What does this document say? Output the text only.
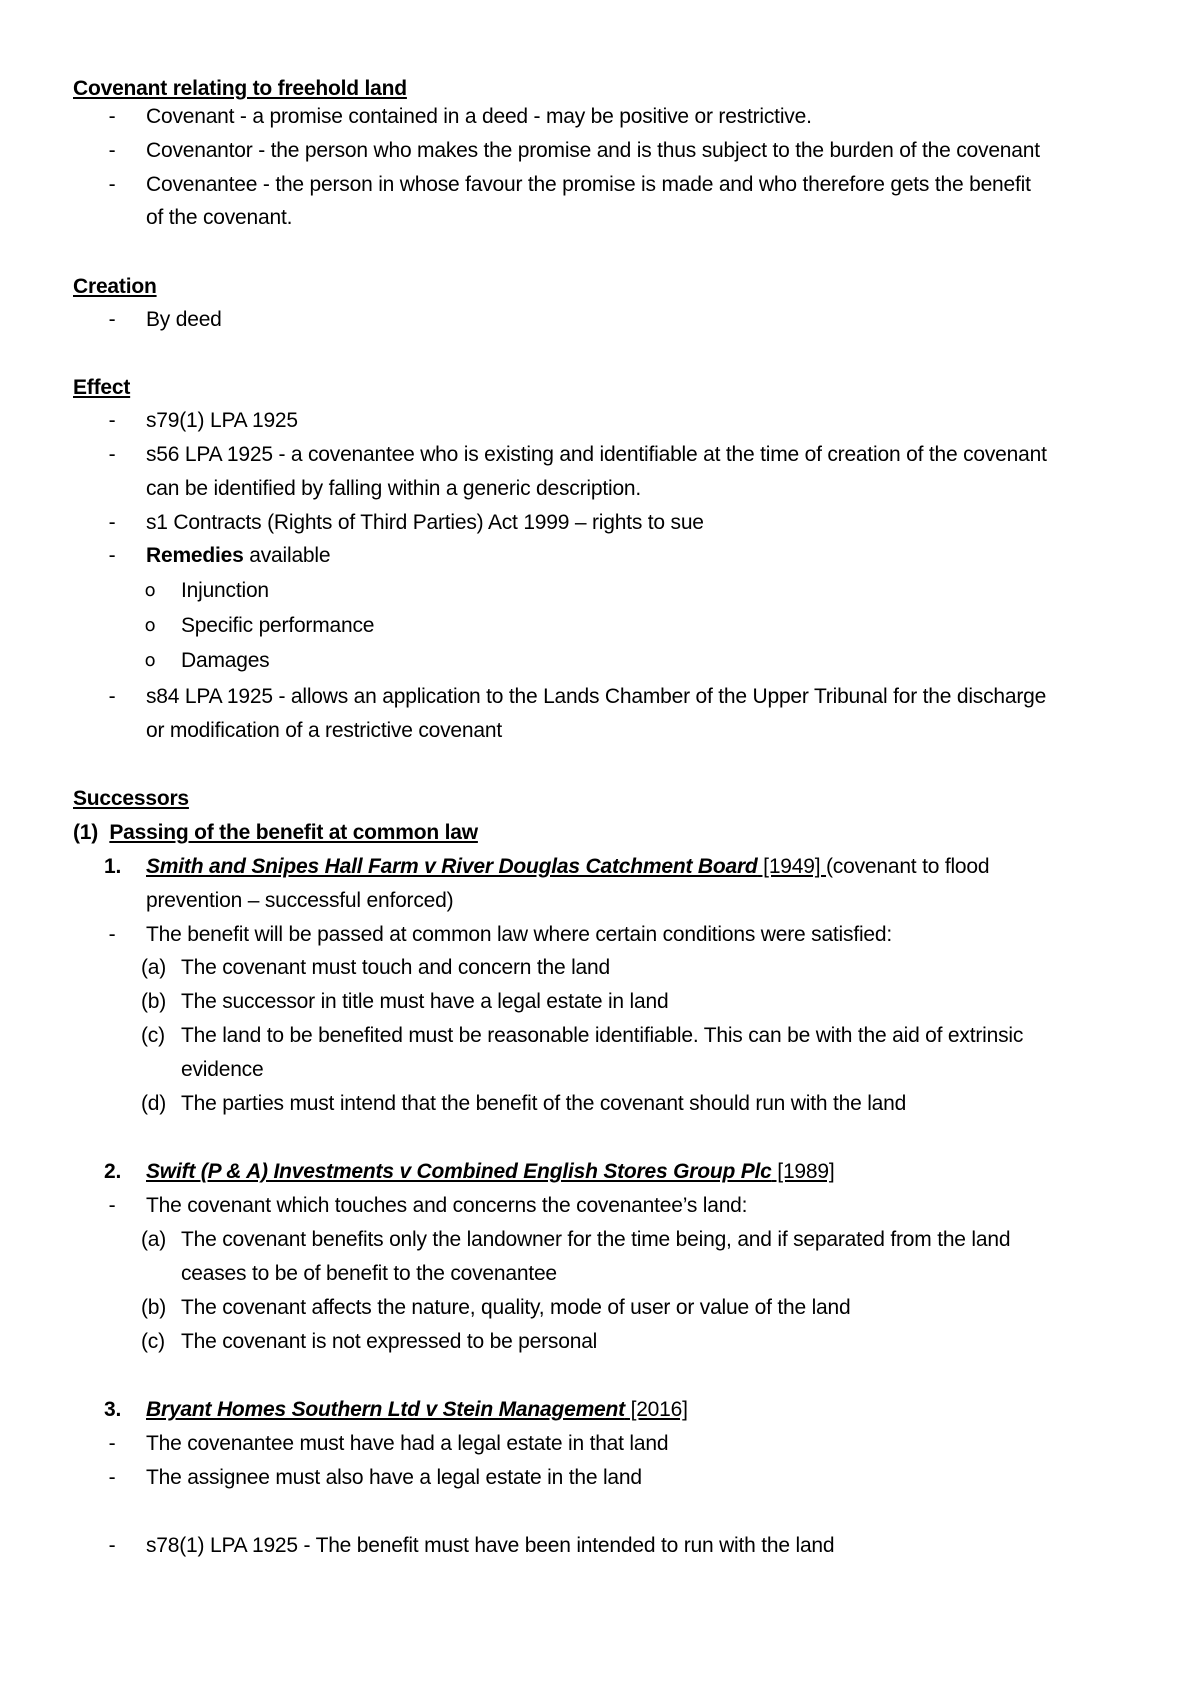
Covenant relating to freehold land
-	Covenant - a promise contained in a deed - may be positive or restrictive.
-	Covenantor - the person who makes the promise and is thus subject to the burden of the covenant
-	Covenantee - the person in whose favour the promise is made and who therefore gets the benefit
of the covenant.
Creation
-	By deed
Effect
-	s79(1) LPA 1925
-	s56 LPA 1925 - a covenantee who is existing and identifiable at the time of creation of the covenant
can be identified by falling within a generic description.
-	s1 Contracts (Rights of Third Parties) Act 1999 – rights to sue
-	Remedies available
o Injunction
o Specific performance
o Damages
-	s84 LPA 1925 - allows an application to the Lands Chamber of the Upper Tribunal for the discharge
or modification of a restrictive covenant
Successors
(1) Passing of the benefit at common law
1. Smith and Snipes Hall Farm v River Douglas Catchment Board [1949] (covenant to flood
prevention – successful enforced)
-	The benefit will be passed at common law where certain conditions were satisfied:
(a) The covenant must touch and concern the land
(b) The successor in title must have a legal estate in land
(c) The land to be benefited must be reasonable identifiable. This can be with the aid of extrinsic
evidence
(d) The parties must intend that the benefit of the covenant should run with the land
2. Swift (P & A) Investments v Combined English Stores Group Plc [1989]
-	The covenant which touches and concerns the covenantee’s land:
(a) The covenant benefits only the landowner for the time being, and if separated from the land
ceases to be of benefit to the covenantee
(b) The covenant affects the nature, quality, mode of user or value of the land
(c) The covenant is not expressed to be personal
3. Bryant Homes Southern Ltd v Stein Management [2016]
-	The covenantee must have had a legal estate in that land
-	The assignee must also have a legal estate in the land
-	s78(1) LPA 1925 - The benefit must have been intended to run with the land
